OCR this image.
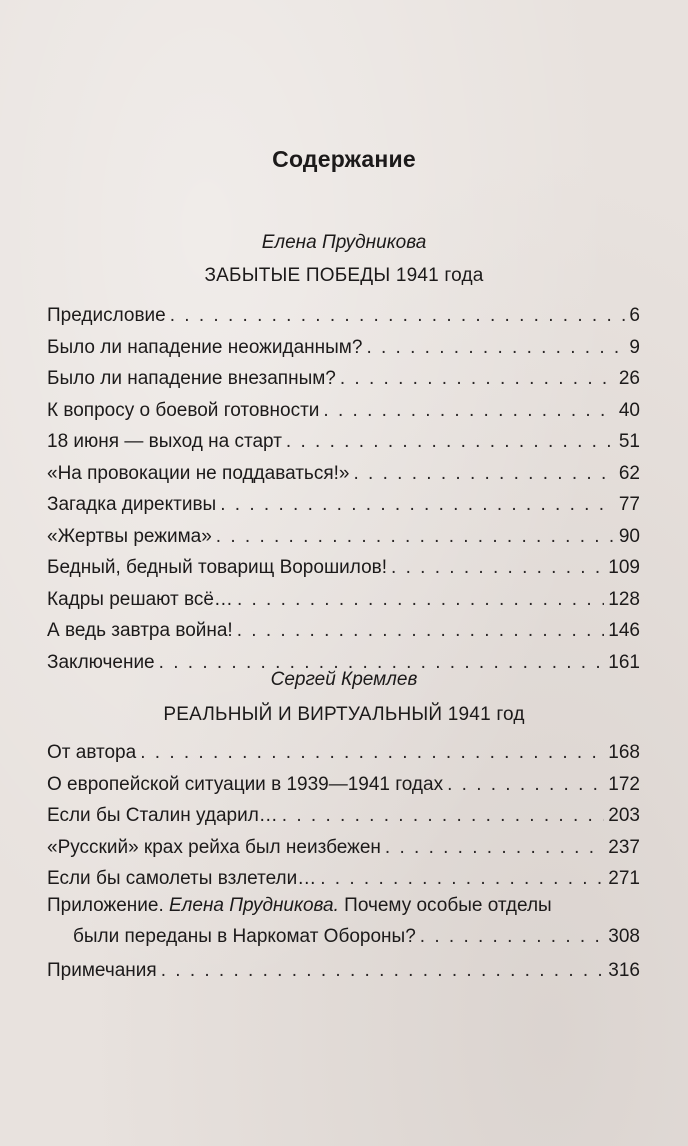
Содержание
Елена Прудникова
ЗАБЫТЫЕ ПОБЕДЫ 1941 года
Предисловие . . .	6
Было ли нападение неожиданным? . . .	9
Было ли нападение внезапным? . . .	26
К вопросу о боевой готовности . . .	40
18 июня — выход на старт . . .	51
«На провокации не поддаваться!» . . .	62
Загадка директивы . . .	77
«Жертвы режима» . . .	90
Бедный, бедный товарищ Ворошилов! . . .	109
Кадры решают всё… . . .	128
А ведь завтра война! . . .	146
Заключение . . .	161
Сергей Кремлев
РЕАЛЬНЫЙ И ВИРТУАЛЬНЫЙ 1941 год
От автора . . .	168
О европейской ситуации в 1939—1941 годах . . .	172
Если бы Сталин ударил… . . .	203
«Русский» крах рейха был неизбежен . . .	237
Если бы самолеты взлетели… . . .	271
Приложение. Елена Прудникова. Почему особые отделы
были переданы в Наркомат Обороны? . . .	308
Примечания . . .	316
